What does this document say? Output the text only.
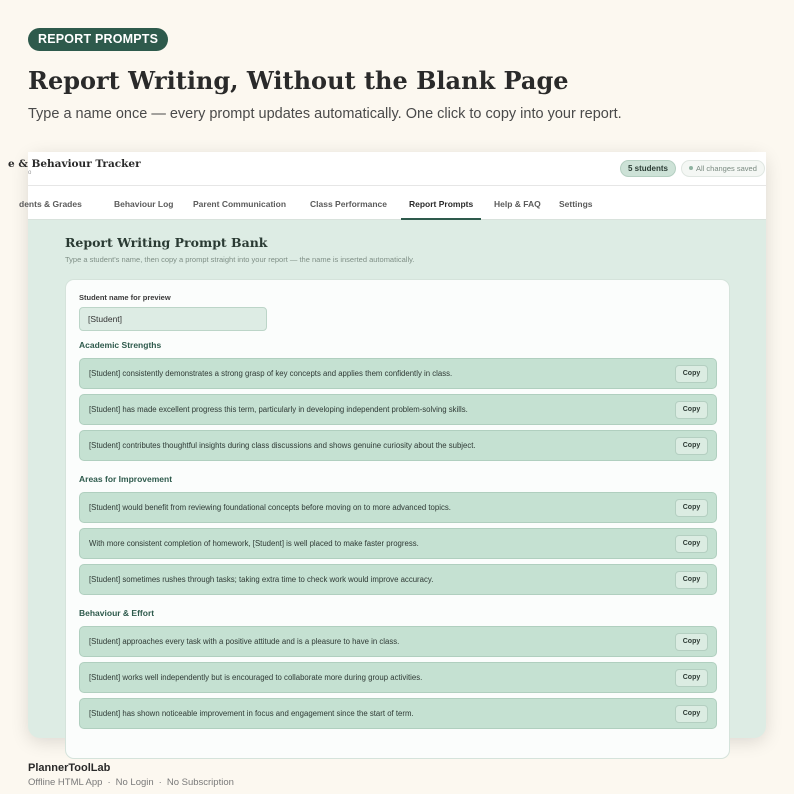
REPORT PROMPTS
Report Writing, Without the Blank Page

Type a name once — every prompt updates automatically. One click to copy into your report.

e & Behaviour Tracker
o	5 students	All changes saved
dents & Grades	Behaviour Log Parent Communication	Class Performance	Report Prompts	Help & FAQ Settings
Report Writing Prompt Bank

Type a student's name, then copy a prompt straight into your report — the name is inserted automatically.

Student name for preview
[Student]
Academic Strengths
[Student] consistently demonstrates a strong grasp of key concepts and applies them confidently in class.	Copy
[Student] has made excellent progress this term, particularly in developing independent problem-solving skills.	Copy
[Student] contributes thoughtful insights during class discussions and shows genuine curiosity about the subject.	Copy
Areas for Improvement
[Student] would benefit from reviewing foundational concepts before moving on to more advanced topics.	Copy
With more consistent completion of homework, [Student] is well placed to make faster progress.	Copy
[Student] sometimes rushes through tasks; taking extra time to check work would improve accuracy.	Copy
Behaviour & Effort
[Student] approaches every task with a positive attitude and is a pleasure to have in class.	Copy
[Student] works well independently but is encouraged to collaborate more during group activities.	Copy
[Student] has shown noticeable improvement in focus and engagement since the start of term.	Copy
PlannerToolLab
Offline HTML App · No Login · No Subscription
